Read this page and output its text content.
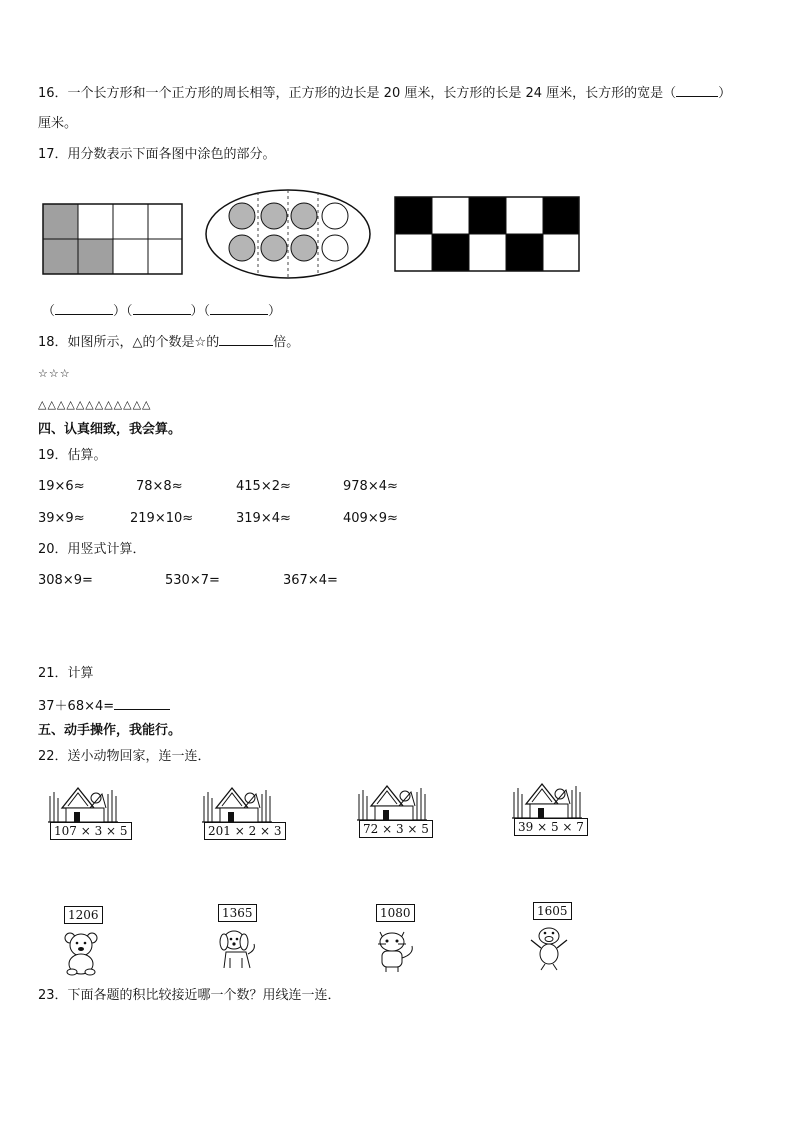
16．一个长方形和一个正方形的周长相等，正方形的边长是 20 厘米，长方形的长是 24 厘米，长方形的宽是（	）
厘米。
17．用分数表示下面各图中涂色的部分。
（	）（	）（	）
18．如图所示，△的个数是☆的	倍。
☆☆☆
△△△△△△△△△△△△
四、认真细致，我会算。
19．估算。
19×6≈	78×8≈	415×2≈	978×4≈
39×9≈	219×10≈	319×4≈	409×9≈
20．用竖式计算．
308×9=	530×7=	367×4=
21．计算
37＋68×4=
五、动手操作，我能行。
22．送小动物回家，连一连．
107 × 3 × 5	201 × 2 × 3	72 × 3 × 5	39 × 5 × 7
1206	1365	1080	1605
23．下面各题的积比较接近哪一个数？用线连一连．
